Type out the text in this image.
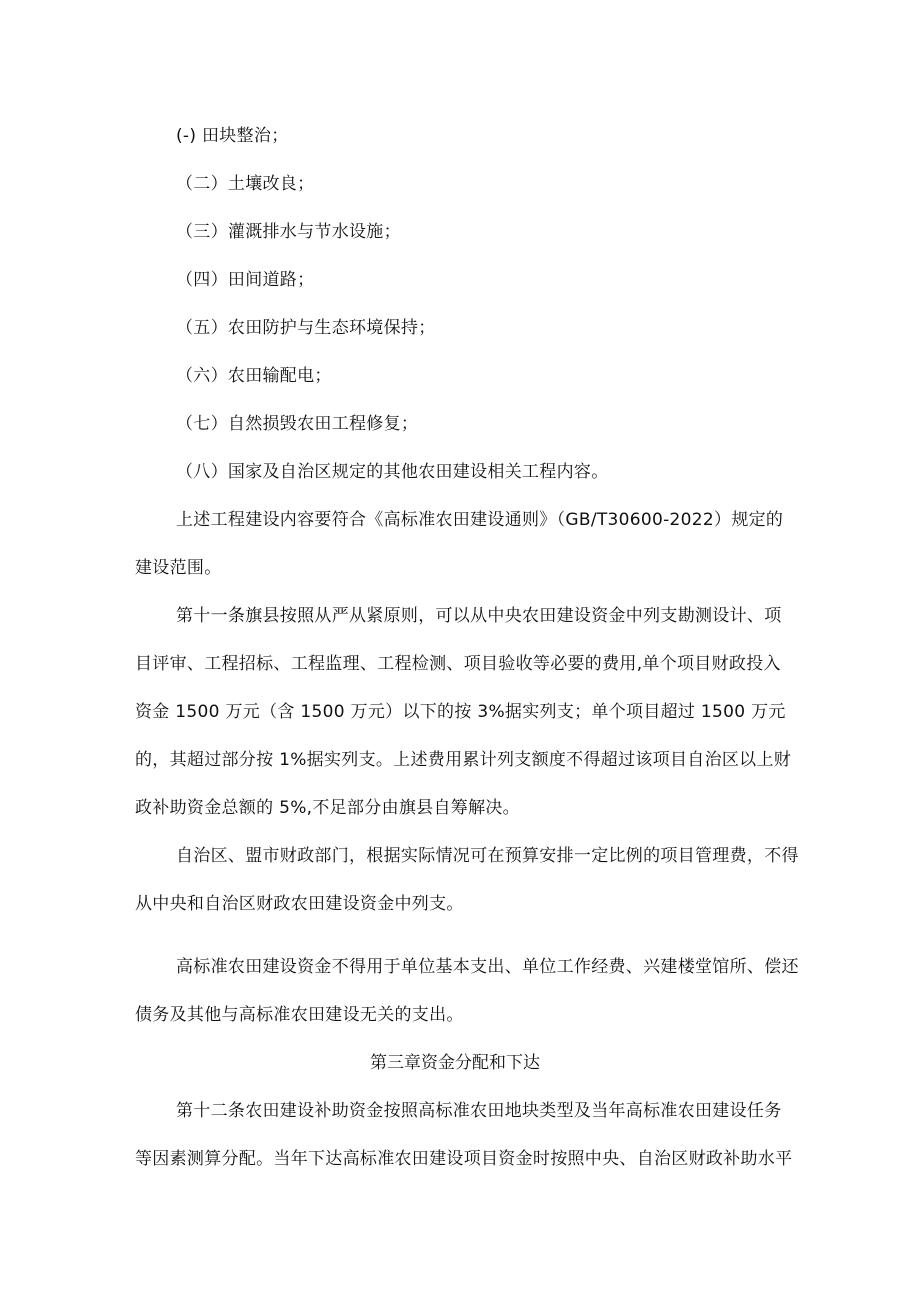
(-) 田块整治；
（二）土壤改良；
（三）灌溉排水与节水设施；
（四）田间道路；
（五）农田防护与生态环境保持；
（六）农田输配电；
（七）自然损毁农田工程修复；
（八）国家及自治区规定的其他农田建设相关工程内容。
上述工程建设内容要符合《高标准农田建设通则》（GB/T30600-2022）规定的
建设范围。
第十一条旗县按照从严从紧原则，可以从中央农田建设资金中列支勘测设计、项
目评审、工程招标、工程监理、工程检测、项目验收等必要的费用,单个项目财政投入
资金 1500 万元（含 1500 万元）以下的按 3%据实列支；单个项目超过 1500 万元
的，其超过部分按 1%据实列支。上述费用累计列支额度不得超过该项目自治区以上财
政补助资金总额的 5%,不足部分由旗县自筹解决。
自治区、盟市财政部门，根据实际情况可在预算安排一定比例的项目管理费，不得
从中央和自治区财政农田建设资金中列支。
高标准农田建设资金不得用于单位基本支出、单位工作经费、兴建楼堂馆所、偿还
债务及其他与高标准农田建设无关的支出。
第三章资金分配和下达
第十二条农田建设补助资金按照高标准农田地块类型及当年高标准农田建设任务
等因素测算分配。当年下达高标准农田建设项目资金时按照中央、自治区财政补助水平
